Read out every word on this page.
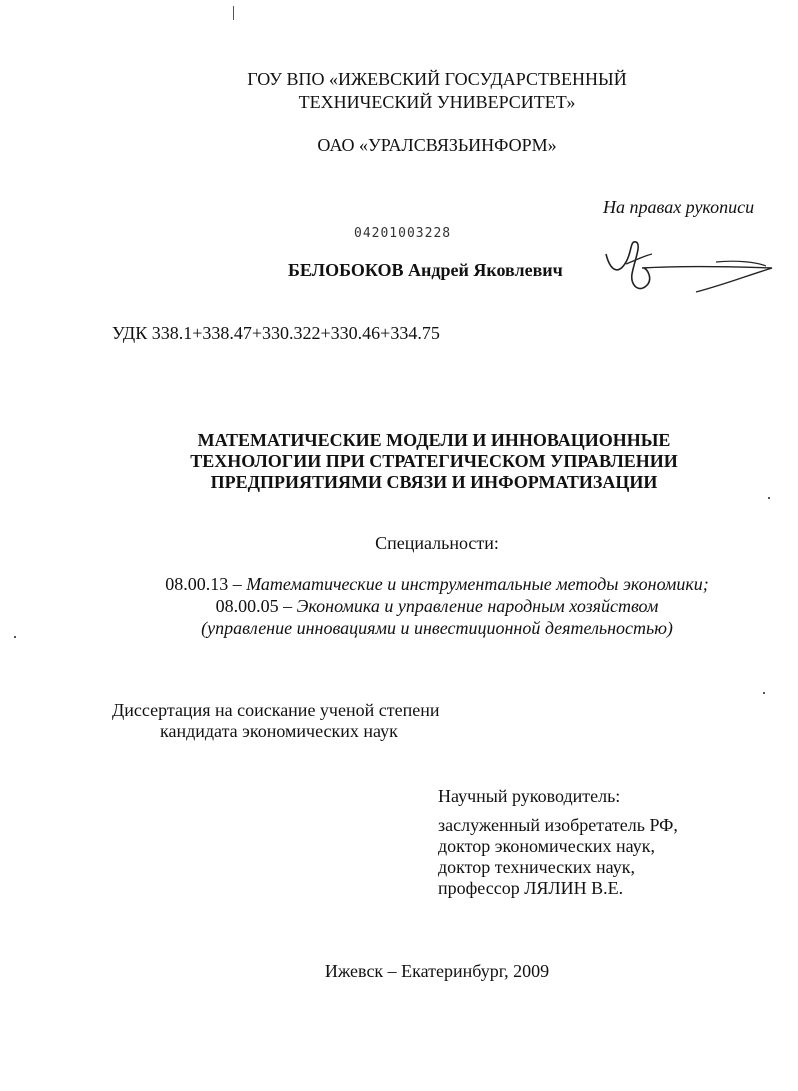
ГОУ ВПО «ИЖЕВСКИЙ ГОСУДАРСТВЕННЫЙ
ТЕХНИЧЕСКИЙ УНИВЕРСИТЕТ»
ОАО «УРАЛСВЯЗЬИНФОРМ»
На правах рукописи
04201003228
БЕЛОБОКОВ Андрей Яковлевич
УДК 338.1+338.47+330.322+330.46+334.75
МАТЕМАТИЧЕСКИЕ МОДЕЛИ И ИННОВАЦИОННЫЕ
ТЕХНОЛОГИИ ПРИ СТРАТЕГИЧЕСКОМ УПРАВЛЕНИИ
ПРЕДПРИЯТИЯМИ СВЯЗИ И ИНФОРМАТИЗАЦИИ
Специальности:
08.00.13 – Математические и инструментальные методы экономики;
08.00.05 – Экономика и управление народным хозяйством
(управление инновациями и инвестиционной деятельностью)
Диссертация на соискание ученой степени
кандидата экономических наук
Научный руководитель:
заслуженный изобретатель РФ,
доктор экономических наук,
доктор технических наук,
профессор ЛЯЛИН В.Е.
Ижевск – Екатеринбург, 2009
